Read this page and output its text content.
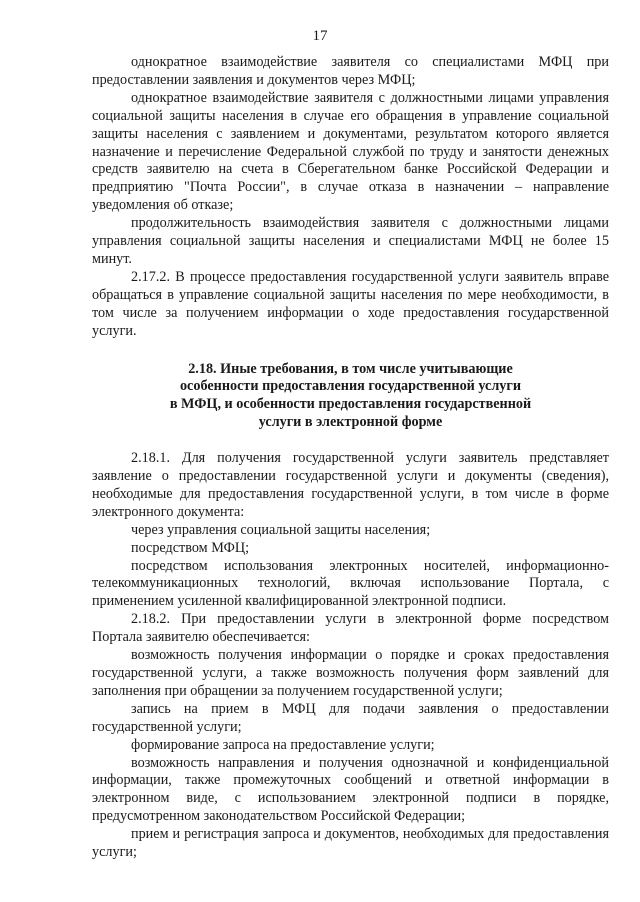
17

однократное взаимодействие заявителя со специалистами МФЦ при предоставлении заявления и документов через МФЦ;

однократное взаимодействие заявителя с должностными лицами управления социальной защиты населения в случае его обращения в управление социальной защиты населения с заявлением и документами, результатом которого является назначение и перечисление Федеральной службой по труду и занятости денежных средств заявителю на счета в Сберегательном банке Российской Федерации и предприятию "Почта России", в случае отказа в назначении – направление уведомления об отказе;

продолжительность взаимодействия заявителя с должностными лицами управления социальной защиты населения и специалистами МФЦ не более 15 минут.

2.17.2. В процессе предоставления государственной услуги заявитель вправе обращаться в управление социальной защиты населения по мере необходимости, в том числе за получением информации о ходе предоставления государственной услуги.

2.18. Иные требования, в том числе учитывающие
особенности предоставления государственной услуги
в МФЦ, и особенности предоставления государственной
услуги в электронной форме

2.18.1. Для получения государственной услуги заявитель представляет заявление о предоставлении государственной услуги и документы (сведения), необходимые для предоставления государственной услуги, в том числе в форме электронного документа:

через управления социальной защиты населения;

посредством МФЦ;

посредством использования электронных носителей, информационно-телекоммуникационных технологий, включая использование Портала, с применением усиленной квалифицированной электронной подписи.

2.18.2. При предоставлении услуги в электронной форме посредством Портала заявителю обеспечивается:

возможность получения информации о порядке и сроках предоставления государственной услуги, а также возможность получения форм заявлений для заполнения при обращении за получением государственной услуги;

запись на прием в МФЦ для подачи заявления о предоставлении государственной услуги;

формирование запроса на предоставление услуги;

возможность направления и получения однозначной и конфиденциальной информации, также промежуточных сообщений и ответной информации в электронном виде, с использованием электронной подписи в порядке, предусмотренном законодательством Российской Федерации;

прием и регистрация запроса и документов, необходимых для предоставления услуги;
